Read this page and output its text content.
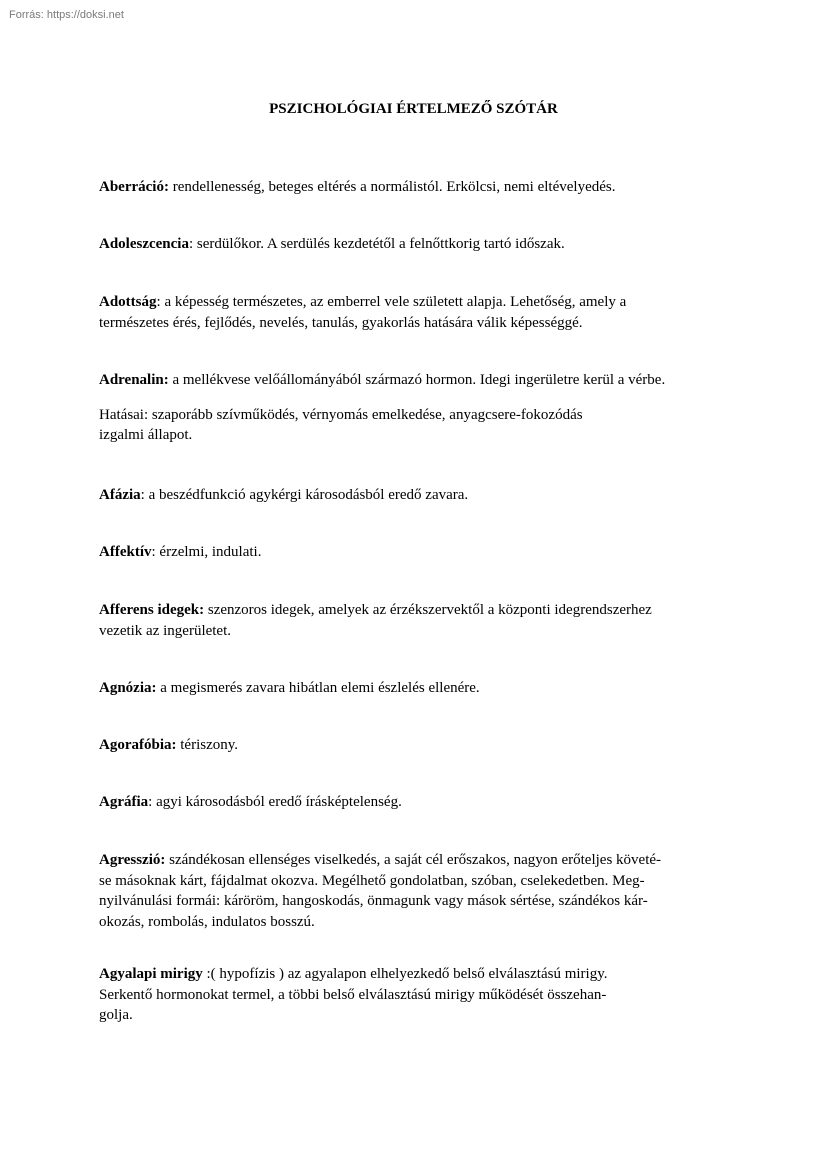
Forrás: https://doksi.net
PSZICHOLÓGIAI ÉRTELMEZŐ SZÓTÁR

Aberráció: rendellenesség, beteges eltérés a normálistól. Erkölcsi, nemi eltévelyedés.

Adoleszcencia: serdülőkor. A serdülés kezdetétől a felnőttkorig tartó időszak.

Adottság: a képesség természetes, az emberrel vele született alapja. Lehetőség, amely a

természetes érés, fejlődés, nevelés, tanulás, gyakorlás hatására válik képességgé.

Adrenalin: a mellékvese velőállományából származó hormon. Idegi ingerületre kerül a vérbe.

Hatásai: szaporább szívműködés, vérnyomás emelkedése, anyagcsere-fokozódás

izgalmi állapot.

Afázia: a beszédfunkció agykérgi károsodásból eredő zavara.

Affektív: érzelmi, indulati.

Afferens idegek: szenzoros idegek, amelyek az érzékszervektől a központi idegrendszerhez

vezetik az ingerületet.

Agnózia: a megismerés zavara hibátlan elemi észlelés ellenére.

Agorafóbia: tériszony.

Agráfia: agyi károsodásból eredő írásképtelenség.

Agresszió: szándékosan ellenséges viselkedés, a saját cél erőszakos, nagyon erőteljes követé-

se másoknak kárt, fájdalmat okozva. Megélhető gondolatban, szóban, cselekedetben. Meg-

nyilvánulási formái: káröröm, hangoskodás, önmagunk vagy mások sértése, szándékos kár-

okozás, rombolás, indulatos bosszú.

Agyalapi mirigy :( hypofízis ) az agyalapon elhelyezkedő belső elválasztású mirigy.

Serkentő hormonokat termel, a többi belső elválasztású mirigy működését összehan-

golja.
